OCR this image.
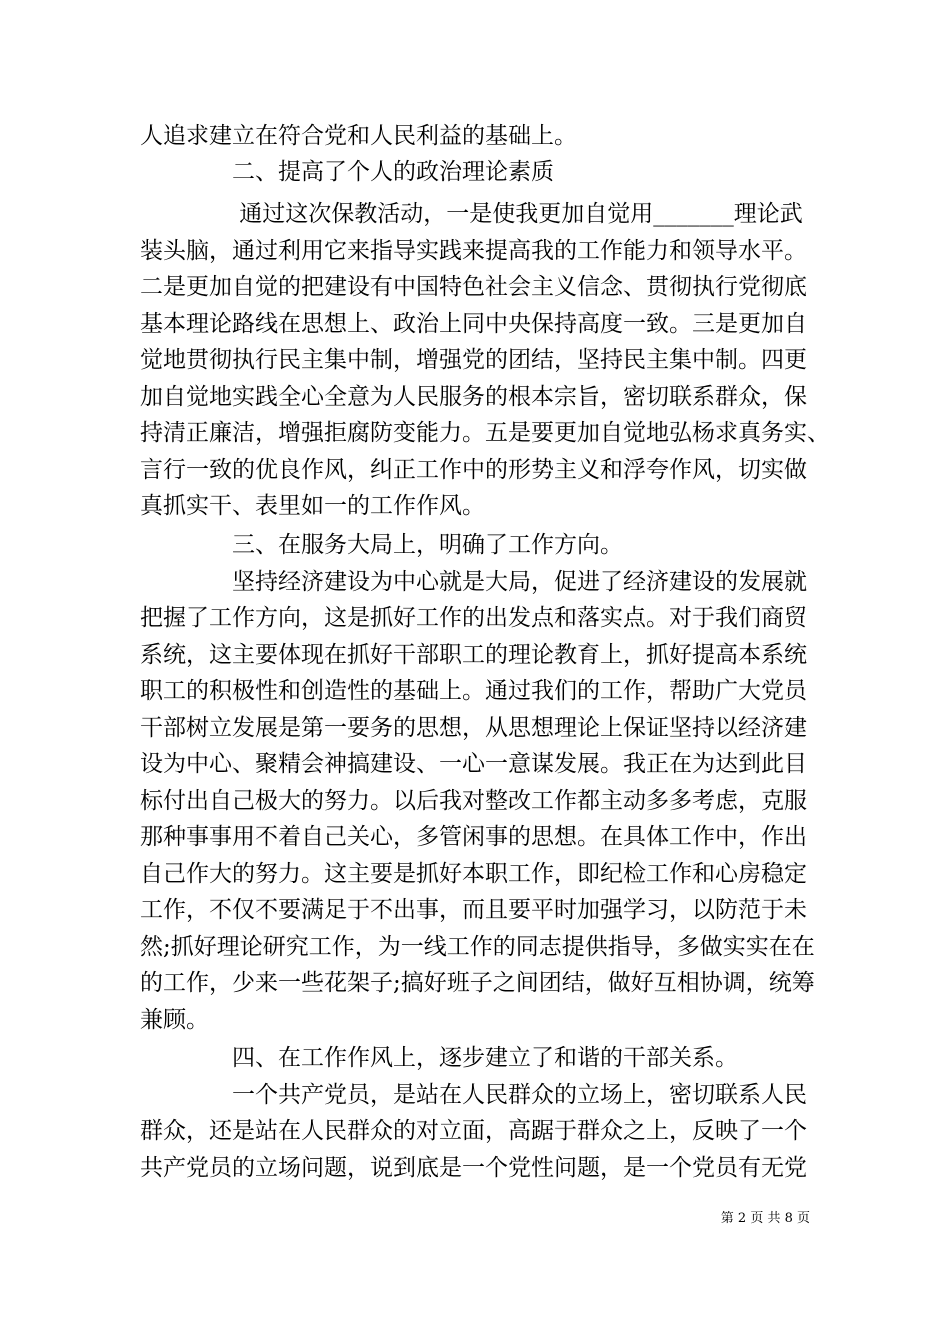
人追求建立在符合党和人民利益的基础上。
　　　　二、提高了个人的政治理论素质
　　　　 通过这次保教活动，一是使我更加自觉用_______理论武
装头脑，通过利用它来指导实践来提高我的工作能力和领导水平。
二是更加自觉的把建设有中国特色社会主义信念、贯彻执行党彻底
基本理论路线在思想上、政治上同中央保持高度一致。三是更加自
觉地贯彻执行民主集中制，增强党的团结，坚持民主集中制。四更
加自觉地实践全心全意为人民服务的根本宗旨，密切联系群众，保
持清正廉洁，增强拒腐防变能力。五是要更加自觉地弘杨求真务实、
言行一致的优良作风，纠正工作中的形势主义和浮夸作风，切实做
真抓实干、表里如一的工作作风。
　　　　三、在服务大局上，明确了工作方向。
　　　　坚持经济建设为中心就是大局，促进了经济建设的发展就
把握了工作方向，这是抓好工作的出发点和落实点。对于我们商贸
系统，这主要体现在抓好干部职工的理论教育上，抓好提高本系统
职工的积极性和创造性的基础上。通过我们的工作，帮助广大党员
干部树立发展是第一要务的思想，从思想理论上保证坚持以经济建
设为中心、聚精会神搞建设、一心一意谋发展。我正在为达到此目
标付出自己极大的努力。以后我对整改工作都主动多多考虑，克服
那种事事用不着自己关心，多管闲事的思想。在具体工作中，作出
自己作大的努力。这主要是抓好本职工作，即纪检工作和心房稳定
工作，不仅不要满足于不出事，而且要平时加强学习，以防范于未
然;抓好理论研究工作，为一线工作的同志提供指导，多做实实在在
的工作，少来一些花架子;搞好班子之间团结，做好互相协调，统筹
兼顾。
　　　　四、在工作作风上，逐步建立了和谐的干部关系。
　　　　一个共产党员，是站在人民群众的立场上，密切联系人民
群众，还是站在人民群众的对立面，高踞于群众之上，反映了一个
共产党员的立场问题，说到底是一个党性问题，是一个党员有无党
第 2 页 共 8 页
